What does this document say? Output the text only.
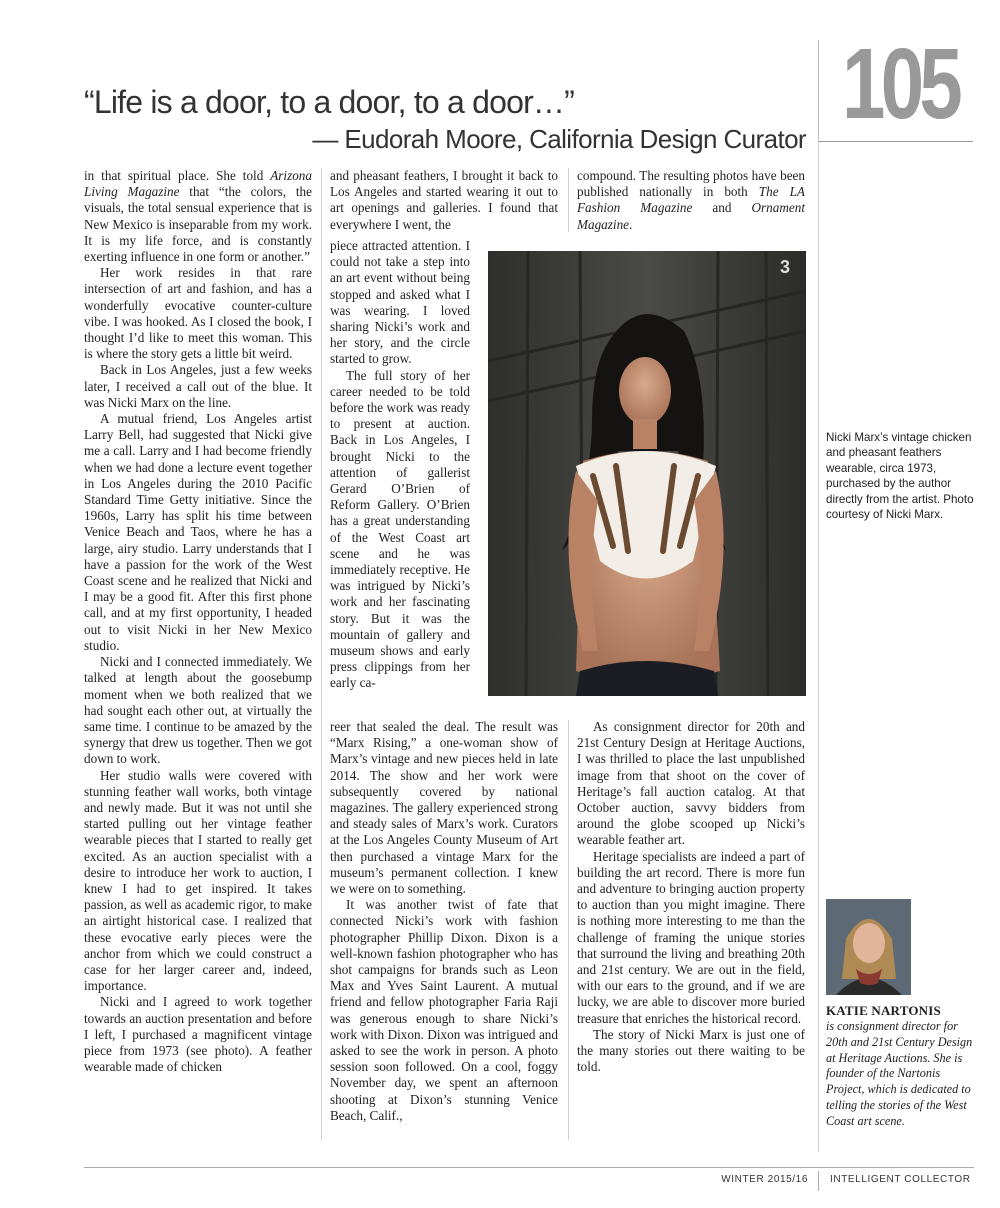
105
“Life is a door, to a door, to a door…”
— Eudorah Moore, California Design Curator

in that spiritual place. She told Arizona Living Magazine that “the colors, the visuals, the total sensual experience that is New Mexico is inseparable from my work. It is my life force, and is constantly exerting influence in one form or another.”

Her work resides in that rare intersection of art and fashion, and has a wonderfully evocative counter-culture vibe. I was hooked. As I closed the book, I thought I’d like to meet this woman. This is where the story gets a little bit weird.

Back in Los Angeles, just a few weeks later, I received a call out of the blue. It was Nicki Marx on the line.

A mutual friend, Los Angeles artist Larry Bell, had suggested that Nicki give me a call. Larry and I had become friendly when we had done a lecture event together in Los Angeles during the 2010 Pacific Standard Time Getty initiative. Since the 1960s, Larry has split his time between Venice Beach and Taos, where he has a large, airy studio. Larry understands that I have a passion for the work of the West Coast scene and he realized that Nicki and I may be a good fit. After this first phone call, and at my first opportunity, I headed out to visit Nicki in her New Mexico studio.

Nicki and I connected immediately. We talked at length about the goosebump moment when we both realized that we had sought each other out, at virtually the same time. I continue to be amazed by the synergy that drew us together. Then we got down to work.

Her studio walls were covered with stunning feather wall works, both vintage and newly made. But it was not until she started pulling out her vintage feather wearable pieces that I started to really get excited. As an auction specialist with a desire to introduce her work to auction, I knew I had to get inspired. It takes passion, as well as academic rigor, to make an airtight historical case. I realized that these evocative early pieces were the anchor from which we could construct a case for her larger career and, indeed, importance.

Nicki and I agreed to work together towards an auction presentation and before I left, I purchased a magnificent vintage piece from 1973 (see photo). A feather wearable made of chicken

and pheasant feathers, I brought it back to Los Angeles and started wearing it out to art openings and galleries. I found that everywhere I went, the

piece attracted attention. I could not take a step into an art event without being stopped and asked what I was wearing. I loved sharing Nicki’s work and her story, and the circle started to grow.

The full story of her career needed to be told before the work was ready to present at auction. Back in Los Angeles, I brought Nicki to the attention of gallerist Gerard O’Brien of Reform Gallery. O’Brien has a great understanding of the West Coast art scene and he was immediately receptive. He was intrigued by Nicki’s work and her fascinating story. But it was the mountain of gallery and museum shows and early press clippings from her early ca-

reer that sealed the deal. The result was “Marx Rising,” a one-woman show of Marx’s vintage and new pieces held in late 2014. The show and her work were subsequently covered by national magazines. The gallery experienced strong and steady sales of Marx’s work. Curators at the Los Angeles County Museum of Art then purchased a vintage Marx for the museum’s permanent collection. I knew we were on to something.

It was another twist of fate that connected Nicki’s work with fashion photographer Phillip Dixon. Dixon is a well-known fashion photographer who has shot campaigns for brands such as Leon Max and Yves Saint Laurent. A mutual friend and fellow photographer Faria Raji was generous enough to share Nicki’s work with Dixon. Dixon was intrigued and asked to see the work in person. A photo session soon followed. On a cool, foggy November day, we spent an afternoon shooting at Dixon’s stunning Venice Beach, Calif.,

compound. The resulting photos have been published nationally in both The LA Fashion Magazine and Ornament Magazine.

As consignment director for 20th and 21st Century Design at Heritage Auctions, I was thrilled to place the last unpublished image from that shoot on the cover of Heritage’s fall auction catalog. At that October auction, savvy bidders from around the globe scooped up Nicki’s wearable feather art.

Heritage specialists are indeed a part of building the art record. There is more fun and adventure to bringing auction property to auction than you might imagine. There is nothing more interesting to me than the challenge of framing the unique stories that surround the living and breathing 20th and 21st century. We are out in the field, with our ears to the ground, and if we are lucky, we are able to discover more buried treasure that enriches the historical record.

The story of Nicki Marx is just one of the many stories out there waiting to be told.

3
Nicki Marx’s vintage chicken and pheasant feathers wearable, circa 1973, purchased by the author directly from the artist. Photo courtesy of Nicki Marx.
KATIE NARTONIS
is consignment director for 20th and 21st Century Design at Heritage Auctions. She is founder of the Nartonis Project, which is dedicated to telling the stories of the West Coast art scene.
WINTER 2015/16 INTELLIGENT COLLECTOR
